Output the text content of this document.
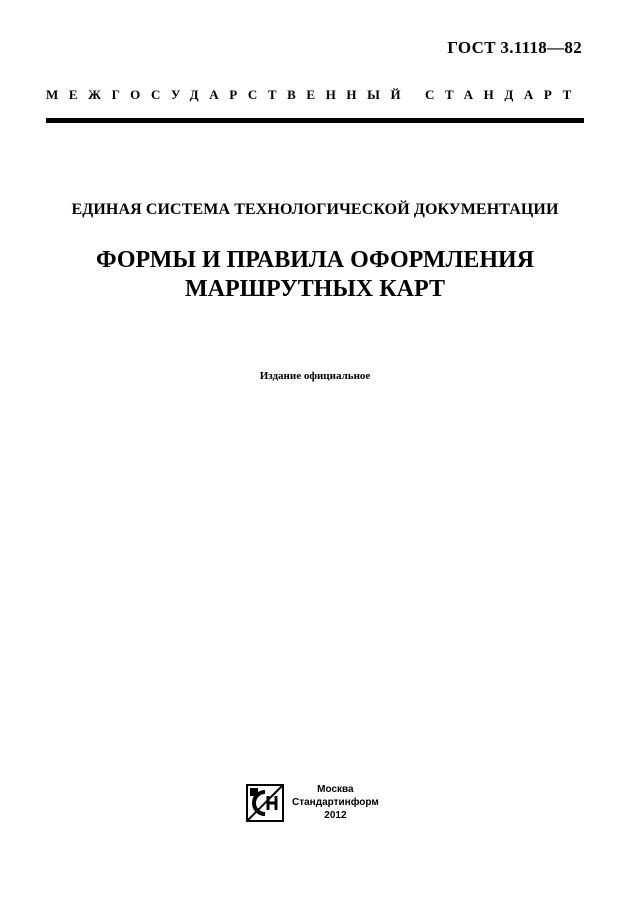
ГОСТ 3.1118—82
МЕЖГОСУДАРСТВЕННЫЙ СТАНДАРТ
ЕДИНАЯ СИСТЕМА ТЕХНОЛОГИЧЕСКОЙ ДОКУМЕНТАЦИИ
ФОРМЫ И ПРАВИЛА ОФОРМЛЕНИЯ
МАРШРУТНЫХ КАРТ
Издание официальное
Москва
Стандартинформ
2012
